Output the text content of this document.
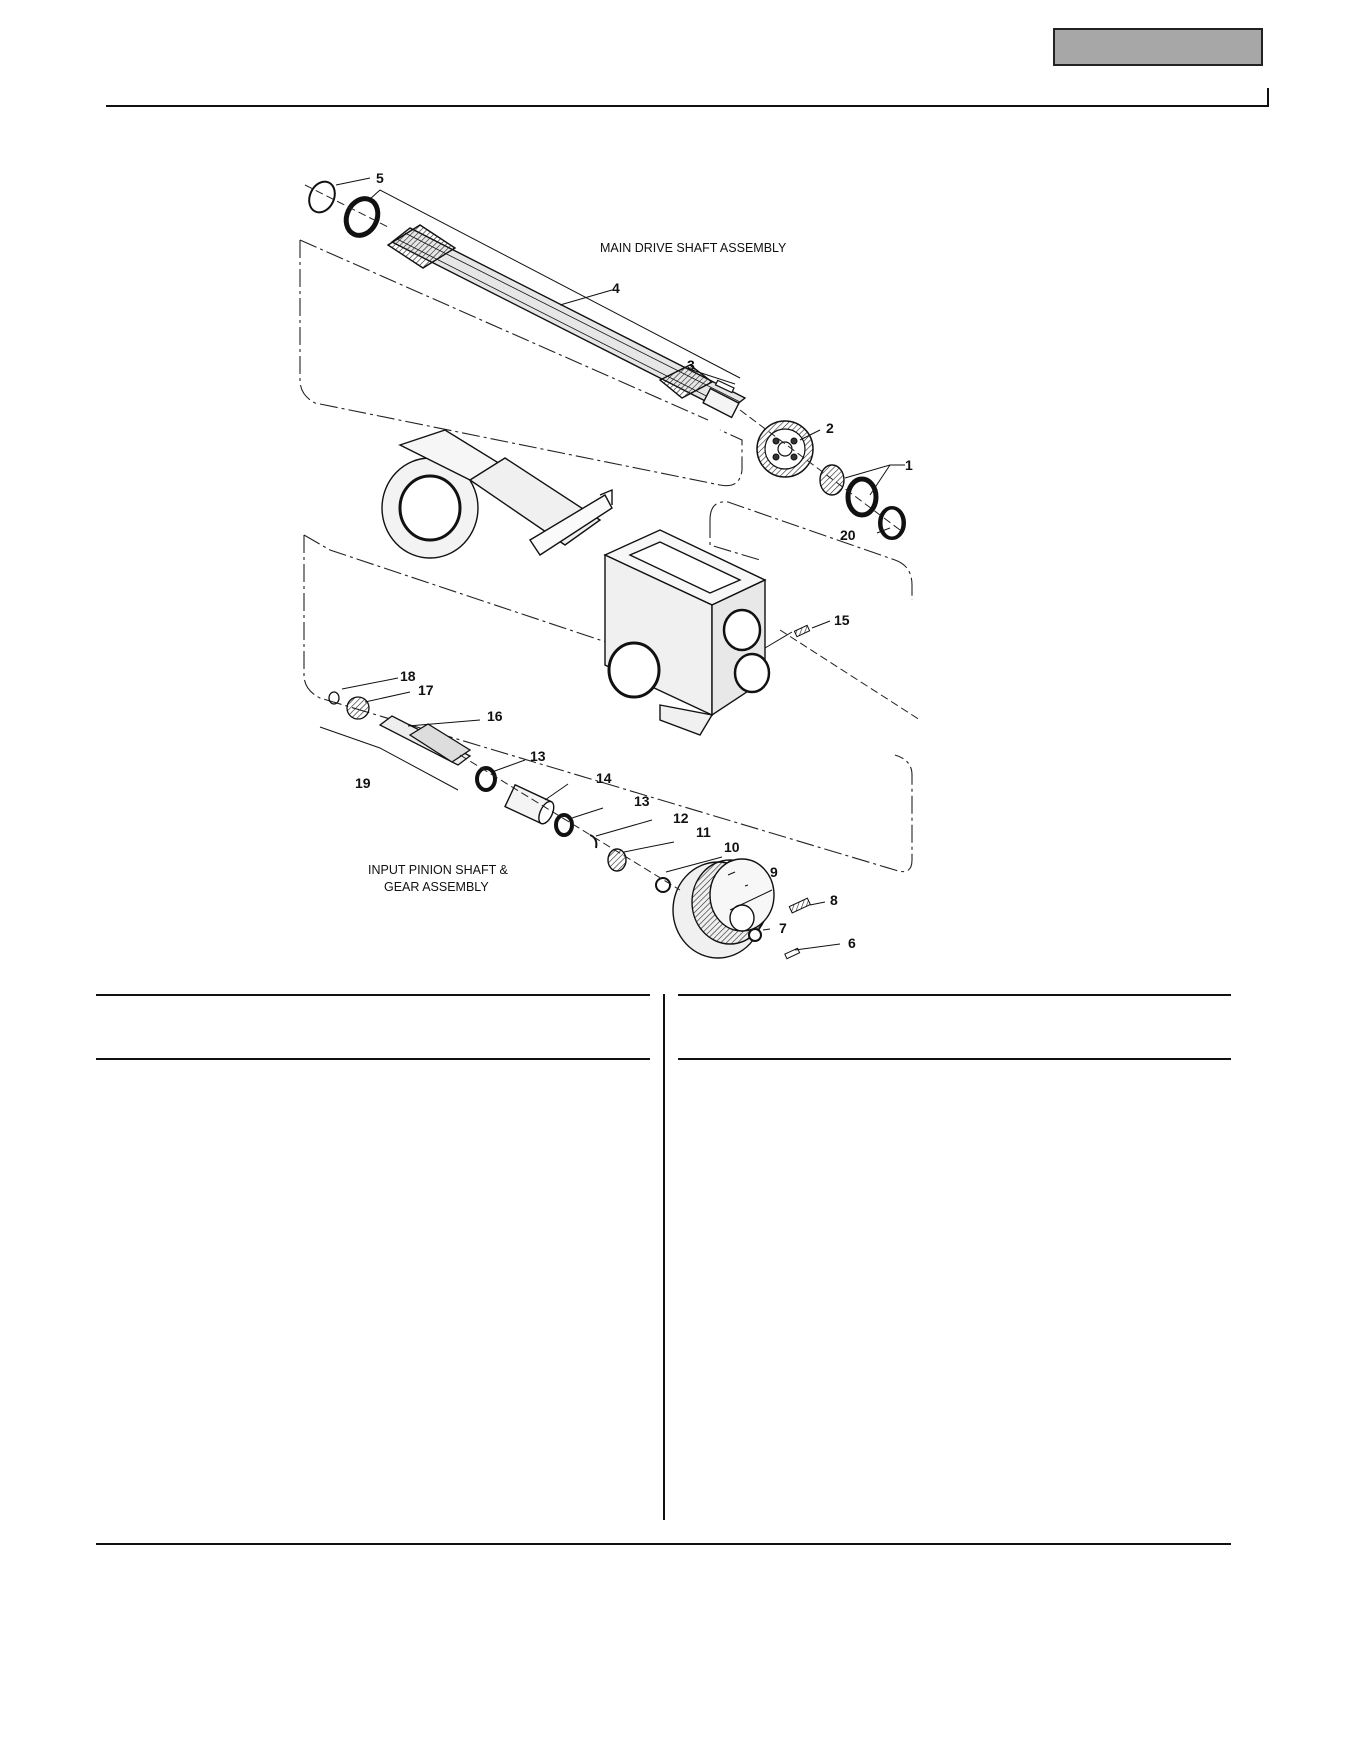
MAIN DRIVE SHAFT ASSEMBLY
INPUT PINION SHAFT &
GEAR ASSEMBLY
1
2
3
4
5
6
7
8
9
10
11
12
13
13
14
15
16
17
18
19
20
